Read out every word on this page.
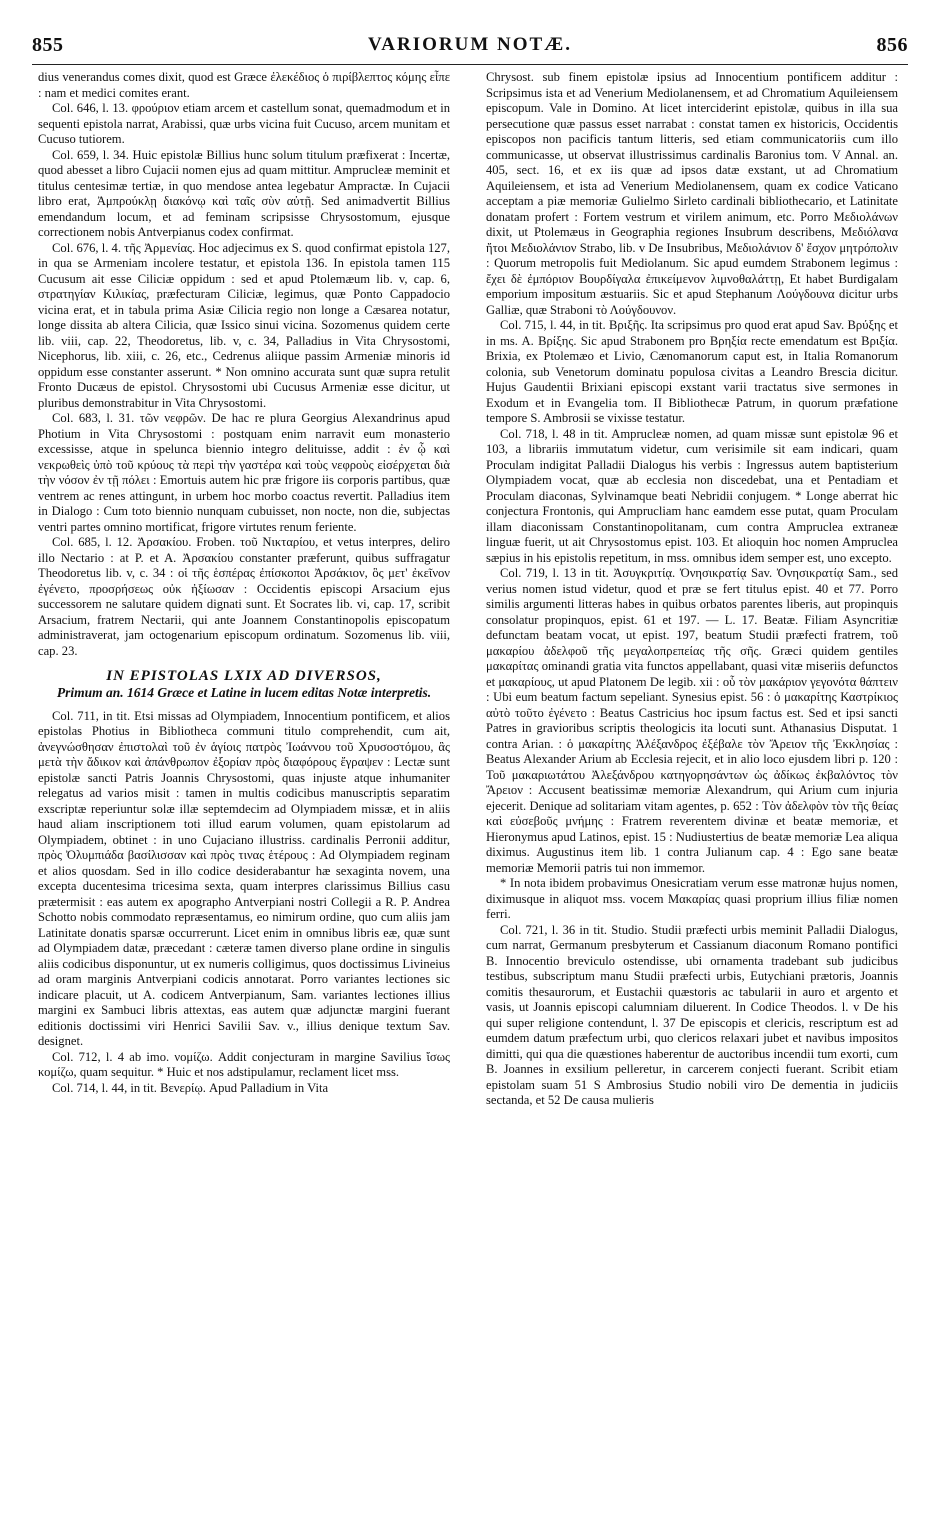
855	VARIORUM NOTÆ.	856

dius venerandus comes dixit, quod est Græce ἐλεκέδιος ὁ πιρίβλεπτος κόμης εἶπε : nam et medici comites erant.

Col. 646, l. 13. φρούριον etiam arcem et castellum sonat, quemadmodum et in sequenti epistola narrat, Arabissi, quæ urbs vicina fuit Cucuso, arcem munitam et Cucuso tutiorem.

Col. 659, l. 34. Huic epistolæ Billius hunc solum titulum præfixerat : Incertæ, quod abesset a libro Cujacii nomen ejus ad quam mittitur. Amprucleæ meminit et titulus centesimæ tertiæ, in quo mendose antea legebatur Ampractæ. In Cujacii libro erat, Ἀμπρούκλῃ διακόνῳ καὶ ταῖς σὺν αὐτῇ. Sed animadvertit Billius emendandum locum, et ad feminam scripsisse Chrysostomum, ejusque correctionem nobis Antverpianus codex confirmat.

Col. 676, l. 4. τῆς Ἀρμενίας. Hoc adjecimus ex S. quod confirmat epistola 127, in qua se Armeniam incolere testatur, et epistola 136. In epistola tamen 115 Cucusum ait esse Ciliciæ oppidum : sed et apud Ptolemæum lib. v, cap. 6, στρατηγίαν Κιλικίας, præfecturam Ciliciæ, legimus, quæ Ponto Cappadocio vicina erat, et in tabula prima Asiæ Cilicia regio non longe a Cæsarea notatur, longe dissita ab altera Cilicia, quæ Issico sinui vicina. Sozomenus quidem certe lib. viii, cap. 22, Theodoretus, lib. v, c. 34, Palladius in Vita Chrysostomi, Nicephorus, lib. xiii, c. 26, etc., Cedrenus aliique passim Armeniæ minoris id oppidum esse constanter asserunt. * Non omnino accurata sunt quæ supra retulit Fronto Ducæus de epistol. Chrysostomi ubi Cucusus Armeniæ esse dicitur, ut pluribus demonstrabitur in Vita Chrysostomi.

Col. 683, l. 31. τῶν νεφρῶν. De hac re plura Georgius Alexandrinus apud Photium in Vita Chrysostomi : postquam enim narravit eum monasterio excessisse, atque in spelunca biennio integro delituisse, addit : ἐν ᾧ καὶ νεκρωθεὶς ὑπὸ τοῦ κρύους τὰ περὶ τὴν γαστέρα καὶ τοὺς νεφροὺς εἰσέρχεται διὰ τὴν νόσον ἐν τῇ πόλει : Emortuis autem hic præ frigore iis corporis partibus, quæ ventrem ac renes attingunt, in urbem hoc morbo coactus revertit. Palladius item in Dialogo : Cum toto biennio nunquam cubuisset, non nocte, non die, subjectas ventri partes omnino mortificat, frigore virtutes renum feriente.

Col. 685, l. 12. Ἀρσακίου. Froben. τοῦ Νικταρίου, et vetus interpres, deliro illo Nectario : at P. et A. Ἀρσακίου constanter præferunt, quibus suffragatur Theodoretus lib. v, c. 34 : οἱ τῆς ἑσπέρας ἐπίσκοποι Ἀρσάκιον, ὃς μετ' ἐκεῖνον ἐγένετο, προσρήσεως οὐκ ἠξίωσαν : Occidentis episcopi Arsacium ejus successorem ne salutare quidem dignati sunt. Et Socrates lib. vi, cap. 17, scribit Arsacium, fratrem Nectarii, qui ante Joannem Constantinopolis episcopatum administraverat, jam octogenarium episcopum ordinatum. Sozomenus lib. viii, cap. 23.

IN EPISTOLAS LXIX AD DIVERSOS,
Primum an. 1614 Græce et Latine in lucem editas Notæ interpretis.

Col. 711, in tit. Etsi missas ad Olympiadem, Innocentium pontificem, et alios epistolas Photius in Bibliotheca communi titulo comprehendit, cum ait, ἀνεγνώσθησαν ἐπιστολαὶ τοῦ ἐν ἁγίοις πατρὸς Ἰωάννου τοῦ Χρυσοστόμου, ἃς μετὰ τὴν ἄδικον καὶ ἀπάνθρωπον ἐξορίαν πρὸς διαφόρους ἔγραψεν : Lectæ sunt epistolæ sancti Patris Joannis Chrysostomi, quas injuste atque inhumaniter relegatus ad varios misit : tamen in multis codicibus manuscriptis separatim exscriptæ reperiuntur solæ illæ septemdecim ad Olympiadem missæ, et in aliis haud aliam inscriptionem toti illud earum volumen, quam epistolarum ad Olympiadem, obtinet : in uno Cujaciano illustriss. cardinalis Perronii additur, πρὸς Ὀλυμπιάδα βασίλισσαν καὶ πρὸς τινας ἑτέρους : Ad Olympiadem reginam et alios quosdam. Sed in illo codice desiderabantur hæ sexaginta novem, una excepta ducentesima tricesima sexta, quam interpres clarissimus Billius casu prætermisit : eas autem ex apographo Antverpiani nostri Collegii a R. P. Andrea Schotto nobis commodato repræsentamus, eo nimirum ordine, quo cum aliis jam Latinitate donatis sparsæ occurrerunt. Licet enim in omnibus libris eæ, quæ sunt ad Olympiadem datæ, præcedant : cæteræ tamen diverso plane ordine in singulis aliis codicibus disponuntur, ut ex numeris colligimus, quos doctissimus Livineius ad oram marginis Antverpiani codicis annotarat. Porro variantes lectiones sic indicare placuit, ut A. codicem Antverpianum, Sam. variantes lectiones illius margini ex Sambuci libris attextas, eas autem quæ adjunctæ margini fuerant editionis doctissimi viri Henrici Savilii Sav. v., illius denique textum Sav. designet.

Col. 712, l. 4 ab imo. νομίζω. Addit conjecturam in margine Savilius ἴσως κομίζω, quam sequitur. * Huic et nos adstipulamur, reclament licet mss.

Col. 714, l. 44, in tit. Βενερίῳ. Apud Palladium in Vita

Chrysost. sub finem epistolæ ipsius ad Innocentium pontificem additur : Scripsimus ista et ad Venerium Mediolanensem, et ad Chromatium Aquileiensem episcopum. Vale in Domino. At licet interciderint epistolæ, quibus in illa sua persecutione quæ passus esset narrabat : constat tamen ex historicis, Occidentis episcopos non pacificis tantum litteris, sed etiam communicatoriis cum illo communicasse, ut observat illustrissimus cardinalis Baronius tom. V Annal. an. 405, sect. 16, et ex iis quæ ad ipsos datæ exstant, ut ad Chromatium Aquileiensem, et ista ad Venerium Mediolanensem, quam ex codice Vaticano acceptam a piæ memoriæ Gulielmo Sirleto cardinali bibliothecario, et Latinitate donatam profert : Fortem vestrum et virilem animum, etc. Porro Μεδιολάνων dixit, ut Ptolemæus in Geographia regiones Insubrum describens, Μεδιόλανα ἤτοι Μεδιολάνιον Strabo, lib. v De Insubribus, Μεδιολάνιον δ' ἔσχον μητρόπολιν : Quorum metropolis fuit Mediolanum. Sic apud eumdem Strabonem legimus : ἔχει δὲ ἐμπόριον Βουρδίγαλα ἐπικείμενον λιμνοθαλάττῃ, Et habet Burdigalam emporium impositum æstuariis. Sic et apud Stephanum Λούγδουνα dicitur urbs Galliæ, quæ Straboni τὸ Λούγδουνον.

Col. 715, l. 44, in tit. Βριξῆς. Ita scripsimus pro quod erat apud Sav. Βρύξης et in ms. A. Βρίξης. Sic apud Strabonem pro Βρηξία recte emendatum est Βριξία. Brixia, ex Ptolemæo et Livio, Cænomanorum caput est, in Italia Romanorum colonia, sub Venetorum dominatu populosa civitas a Leandro Brescia dicitur. Hujus Gaudentii Brixiani episcopi exstant varii tractatus sive sermones in Exodum et in Evangelia tom. II Bibliothecæ Patrum, in quorum præfatione tempore S. Ambrosii se vixisse testatur.

Col. 718, l. 48 in tit. Amprucleæ nomen, ad quam missæ sunt epistolæ 96 et 103, a librariis immutatum videtur, cum verisimile sit eam indicari, quam Proculam indigitat Palladii Dialogus his verbis : Ingressus autem baptisterium Olympiadem vocat, quæ ab ecclesia non discedebat, una et Pentadiam et Proculam diaconas, Sylvinamque beati Nebridii conjugem. * Longe aberrat hic conjectura Frontonis, qui Amprucliam hanc eamdem esse putat, quam Proculam illam diaconissam Constantinopolitanam, cum contra Ampruclea extraneæ linguæ fuerit, ut ait Chrysostomus epist. 103. Et alioquin hoc nomen Ampruclea sæpius in his epistolis repetitum, in mss. omnibus idem semper est, uno excepto.

Col. 719, l. 13 in tit. Ἀσυγκριτίᾳ. Ὀνησικρατίᾳ Sav. Ὀνησικρατίᾳ Sam., sed verius nomen istud videtur, quod et præ se fert titulus epist. 40 et 77. Porro similis argumenti litteras habes in quibus orbatos parentes liberis, aut propinquis consolatur propinquos, epist. 61 et 197. — L. 17. Beatæ. Filiam Asyncritiæ defunctam beatam vocat, ut epist. 197, beatum Studii præfecti fratrem, τοῦ μακαρίου ἀδελφοῦ τῆς μεγαλοπρεπείας τῆς σῆς. Græci quidem gentiles μακαρίτας ominandi gratia vita functos appellabant, quasi vitæ miseriis defunctos et μακαρίους, ut apud Platonem De legib. xii : οὗ τὸν μακάριον γεγονότα θάπτειν : Ubi eum beatum factum sepeliant. Synesius epist. 56 : ὁ μακαρίτης Καστρίκιος αὐτὸ τοῦτο ἐγένετο : Beatus Castricius hoc ipsum factus est. Sed et ipsi sancti Patres in gravioribus scriptis theologicis ita locuti sunt. Athanasius Disputat. 1 contra Arian. : ὁ μακαρίτης Ἀλέξανδρος ἐξέβαλε τὸν Ἄρειον τῆς Ἐκκλησίας : Beatus Alexander Arium ab Ecclesia rejecit, et in alio loco ejusdem libri p. 120 : Τοῦ μακαριωτάτου Ἀλεξάνδρου κατηγορησάντων ὡς ἀδίκως ἐκβαλόντος τὸν Ἄρειον : Accusent beatissimæ memoriæ Alexandrum, qui Arium cum injuria ejecerit. Denique ad solitariam vitam agentes, p. 652 : Τὸν ἀδελφὸν τὸν τῆς θείας καὶ εὐσεβοῦς μνήμης : Fratrem reverentem divinæ et beatæ memoriæ, et Hieronymus apud Latinos, epist. 15 : Nudiustertius de beatæ memoriæ Lea aliqua diximus. Augustinus item lib. 1 contra Julianum cap. 4 : Ego sane beatæ memoriæ Memorii patris tui non immemor.

* In nota ibidem probavimus Onesicratiam verum esse matronæ hujus nomen, diximusque in aliquot mss. vocem Μακαρίας quasi proprium illius filiæ nomen ferri.

Col. 721, l. 36 in tit. Studio. Studii præfecti urbis meminit Palladii Dialogus, cum narrat, Germanum presbyterum et Cassianum diaconum Romano pontifici B. Innocentio breviculo ostendisse, ubi ornamenta tradebant sub judicibus testibus, subscriptum manu Studii præfecti urbis, Eutychiani prætoris, Joannis comitis thesaurorum, et Eustachii quæstoris ac tabularii in auro et argento et vasis, ut Joannis episcopi calumniam diluerent. In Codice Theodos. l. v De his qui super religione contendunt, l. 37 De episcopis et clericis, rescriptum est ad eumdem datum præfectum urbi, quo clericos relaxari jubet et navibus impositos dimitti, qui qua die quæstiones haberentur de auctoribus incendii tum exorti, cum B. Joannes in exsilium pelleretur, in carcerem conjecti fuerant. Scribit etiam epistolam suam 51 S Ambrosius Studio nobili viro De dementia in judiciis sectanda, et 52 De causa mulieris
